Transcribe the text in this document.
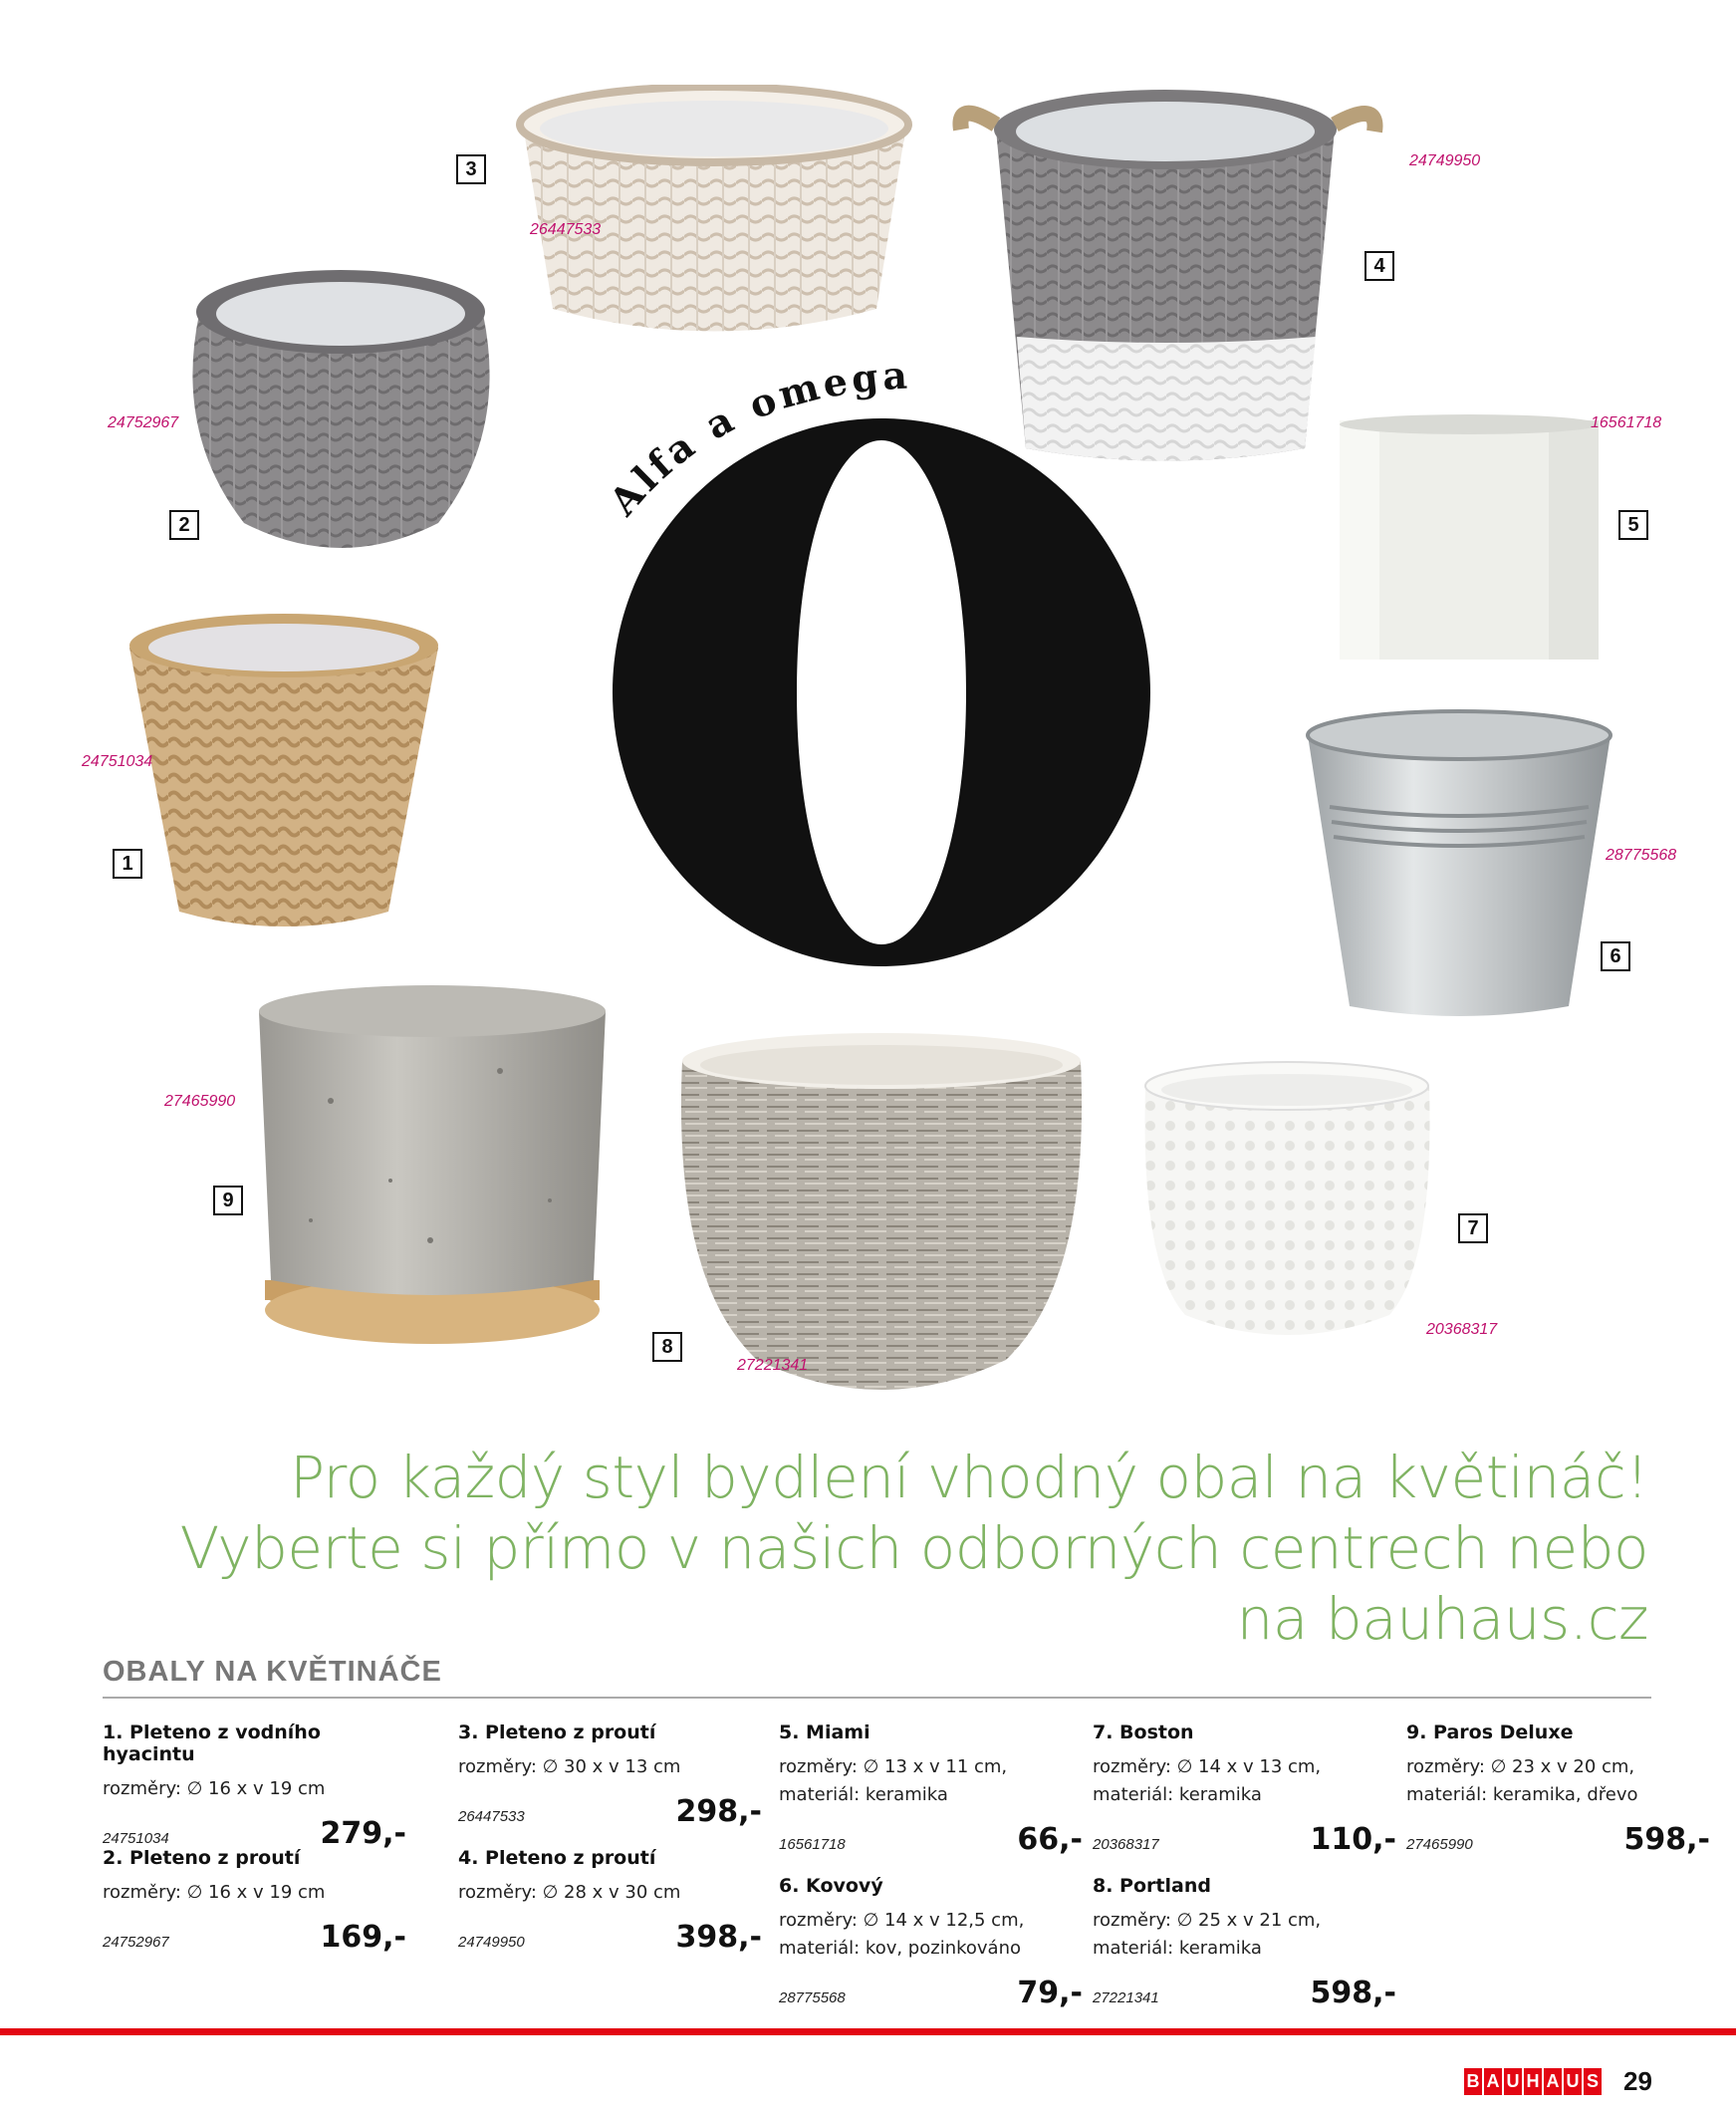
Alfa a omega
3
4
2	5
1
6
9
7
8
26447533
24749950
24752967	16561718
24751034
28775568
27465990
20368317
27221341
Pro každý styl bydlení vhodný obal na květináč!
Vyberte si přímo v našich odborných centrech nebo
na bauhaus.cz
OBALY NA KVĚTINÁČE
1. Pleteno z vodního hyacintu
rozměry: ∅ 16 x v 19 cm
24751034	279,-
2. Pleteno z proutí
rozměry: ∅ 16 x v 19 cm
24752967	169,-
3. Pleteno z proutí
rozměry: ∅ 30 x v 13 cm
26447533	298,-
4. Pleteno z proutí
rozměry: ∅ 28 x v 30 cm
24749950	398,-
5. Miami
rozměry: ∅ 13 x v 11 cm,
materiál: keramika
16561718	66,-
6. Kovový
rozměry: ∅ 14 x v 12,5 cm,
materiál: kov, pozinkováno
28775568	79,-
7. Boston
rozměry: ∅ 14 x v 13 cm,
materiál: keramika
20368317	110,-
8. Portland
rozměry: ∅ 25 x v 21 cm,
materiál: keramika
27221341	598,-
9. Paros Deluxe
rozměry: ∅ 23 x v 20 cm,
materiál: keramika, dřevo
27465990	598,-
B A U H A U S 29
